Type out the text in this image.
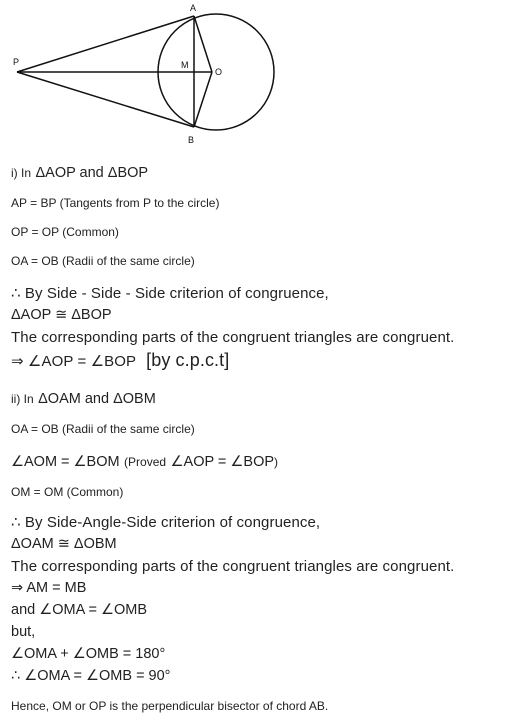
A
B
P	M
O
i) In ΔAOP and ΔBOP
AP = BP (Tangents from P to the circle)
OP = OP (Common)
OA = OB (Radii of the same circle)
∴ By Side - Side - Side criterion of congruence,
ΔAOP ≅ ΔBOP
The corresponding parts of the congruent triangles are congruent.
⇒ ∠AOP = ∠BOP [by c.p.c.t]
ii) In ΔOAM and ΔOBM
OA = OB (Radii of the same circle)
∠AOM = ∠BOM (Proved ∠AOP = ∠BOP)
OM = OM (Common)
∴ By Side-Angle-Side criterion of congruence,
ΔOAM ≅ ΔOBM
The corresponding parts of the congruent triangles are congruent.
⇒ AM = MB
and ∠OMA = ∠OMB
but,
∠OMA + ∠OMB = 180°
∴ ∠OMA = ∠OMB = 90°
Hence, OM or OP is the perpendicular bisector of chord AB.
